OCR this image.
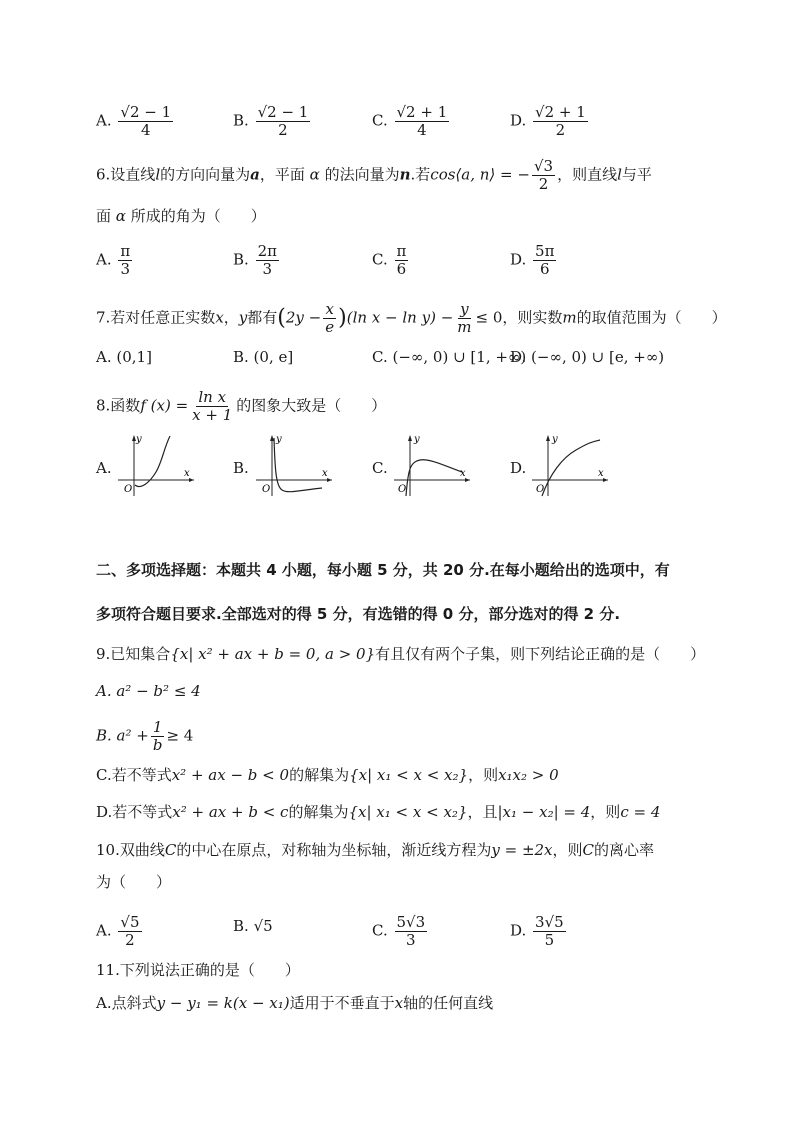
A. $\frac{√2 - 1}{4}$	B. $\frac{√2 - 1}{2}$	C. $\frac{√2 + 1}{4}$	D. $\frac{√2 + 1}{2}$
6.设直线l的方向向量为a，平面 α 的法向量为n.若cos⟨a, n⟩ = − $\frac{√3}{2}$ ，则直线l与平
面 α 所成的角为（　　）
A. $\frac{\pi}{3}$	B. $\frac{2\pi}{3}$	C. $\frac{\pi}{6}$	D. $\frac{5\pi}{6}$
7.若对任意正实数x，y都有$(2y - \frac{x}{e} )(\ln$ $x - \ln y) - \frac{y}{m} \le 0$，则实数m的取值范围为（　　）
A. (0,1]	B. (0, e]	C. (−∞, 0) ∪ [1, +∞)
D. (−∞, 0) ∪ [e, +∞)
8.函数f $(x) = \frac{\text{ln x}}{x + 1}$ 的图象大致是（　　）
A.	x
y
O
B.	x
y
O
C.	x
y
O
D.	x
y
O
二、多项选择题：本题共 4 小题，每小题 5 分，共 20 分.在每小题给出的选项中，有
多项符合题目要求.全部选对的得 5 分，有选错的得 0 分，部分选对的得 2 分.
9.已知集合{x| x² + ax + b = 0, a > 0}有且仅有两个子集，则下列结论正确的是（　　）
A. a² − b² ≤ 4
B. $a^2 + \frac{1}{b} \ge 4$
C.若不等式x² + ax − b < 0的解集为{x| x₁ < x < x₂}，则x₁x₂ > 0
D.若不等式x² + ax + b < c的解集为{x| x₁ < x < x₂}，且|x₁ − x₂| = 4，则c = 4
10.双曲线C的中心在原点，对称轴为坐标轴，渐近线方程为y = ±2x，则C的离心率
为（　　）
A. $\frac{√5}{2}$	B. √5	C. $\frac{5√3}{3}$	D. $\frac{3√5}{5}$
11.下列说法正确的是（　　）
A.点斜式y − y₁ = k(x − x₁)适用于不垂直于x轴的任何直线
